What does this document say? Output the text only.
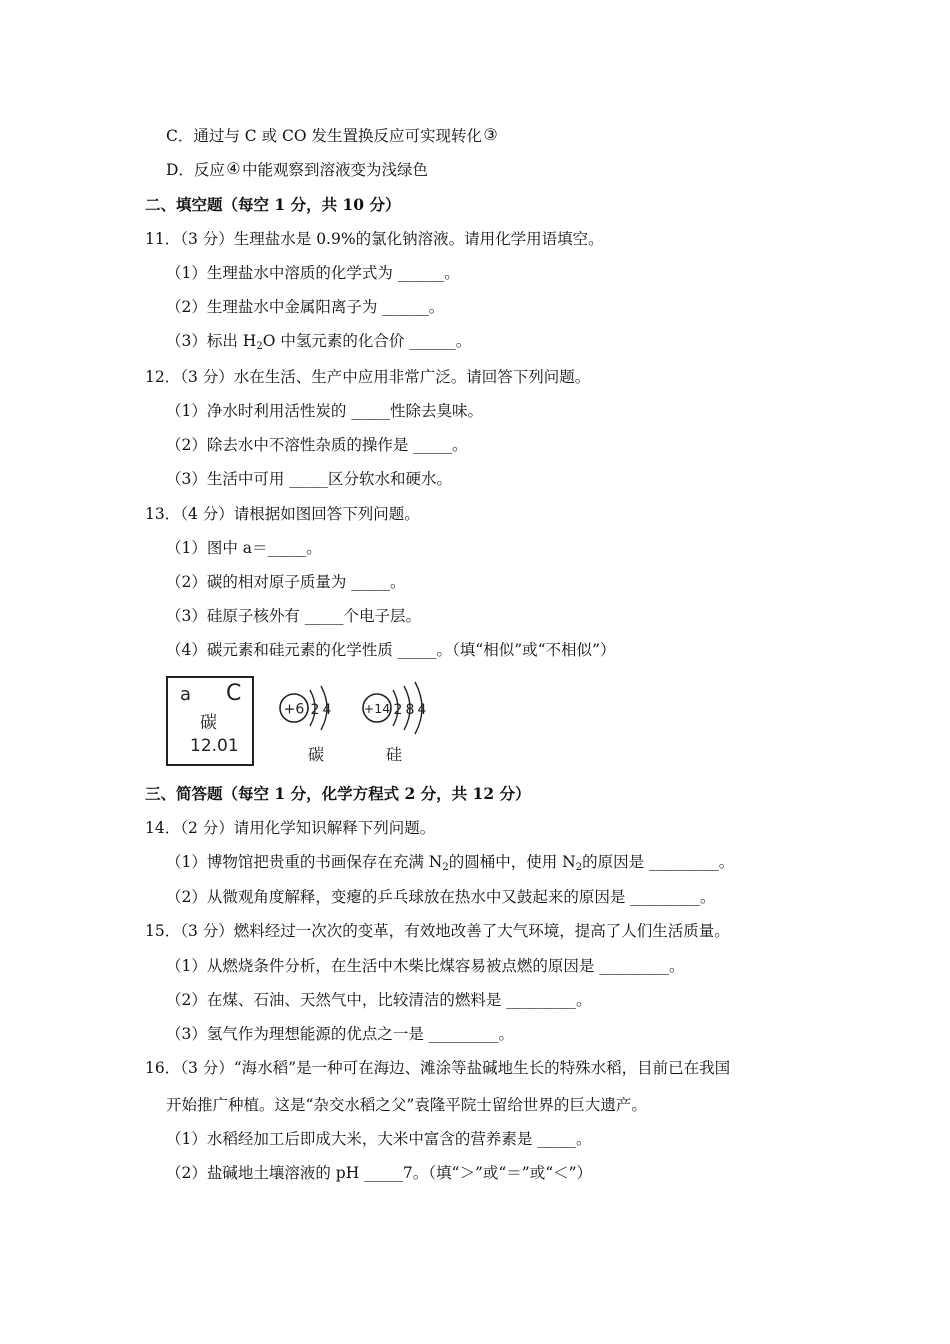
C．通过与 C 或 CO 发生置换反应可实现转化③
D．反应④中能观察到溶液变为浅绿色
二、填空题（每空 1 分，共 10 分）
11．（3 分）生理盐水是 0.9%的氯化钠溶液。请用化学用语填空。
（1）生理盐水中溶质的化学式为 ______。
（2）生理盐水中金属阳离子为 ______。
（3）标出 $H_2O$ 中氢元素的化合价 ______。
12．（3 分）水在生活、生产中应用非常广泛。请回答下列问题。
（1）净水时利用活性炭的 _____性除去臭味。
（2）除去水中不溶性杂质的操作是 _____。
（3）生活中可用 _____区分软水和硬水。
13．（4 分）请根据如图回答下列问题。
（1）图中 a＝_____。
（2）碳的相对原子质量为 _____。
（3）硅原子核外有 _____个电子层。
（4）碳元素和硅元素的化学性质 _____。（填“相似”或“不相似”）
a C
碳
12.01
+6 2 4
碳
+14 2 8 4
硅
三、简答题（每空 1 分，化学方程式 2 分，共 12 分）
14．（2 分）请用化学知识解释下列问题。
（1）博物馆把贵重的书画保存在充满 $N_2$的圆桶中，使用 $N_2$的原因是 _________。
（2）从微观角度解释，变瘪的乒乓球放在热水中又鼓起来的原因是 _________。
15．（3 分）燃料经过一次次的变革，有效地改善了大气环境，提高了人们生活质量。
（1）从燃烧条件分析，在生活中木柴比煤容易被点燃的原因是 _________。
（2）在煤、石油、天然气中，比较清洁的燃料是 _________。
（3）氢气作为理想能源的优点之一是 _________。
16．（3 分）“海水稻”是一种可在海边、滩涂等盐碱地生长的特殊水稻，目前已在我国
开始推广种植。这是“杂交水稻之父”袁隆平院士留给世界的巨大遗产。
（1）水稻经加工后即成大米，大米中富含的营养素是 _____。
（2）盐碱地土壤溶液的 pH _____7。（填“＞”或“＝”或“＜”）
